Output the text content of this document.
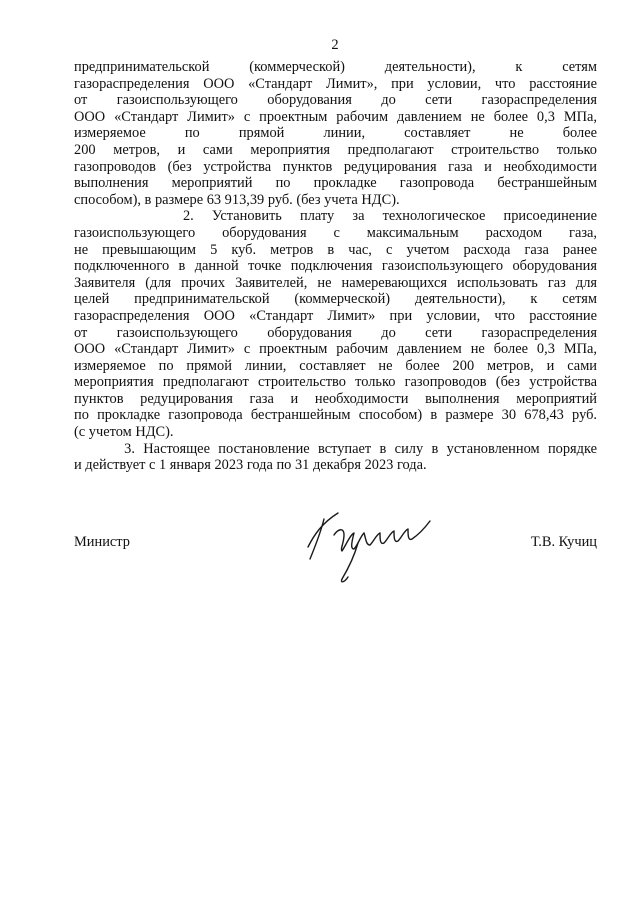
2
предпринимательской (коммерческой) деятельности), к сетям
газораспределения ООО «Стандарт Лимит», при условии, что расстояние
от газоиспользующего оборудования до сети газораспределения
ООО «Стандарт Лимит» с проектным рабочим давлением не более 0,3 МПа,
измеряемое по прямой линии, составляет не более
200 метров, и сами мероприятия предполагают строительство только
газопроводов (без устройства пунктов редуцирования газа и необходимости
выполнения мероприятий по прокладке газопровода бестраншейным
способом), в размере 63 913,39 руб. (без учета НДС).
2. Установить плату за технологическое присоединение
газоиспользующего оборудования с максимальным расходом газа,
не превышающим 5 куб. метров в час, с учетом расхода газа ранее
подключенного в данной точке подключения газоиспользующего оборудования
Заявителя (для прочих Заявителей, не намеревающихся использовать газ для
целей предпринимательской (коммерческой) деятельности), к сетям
газораспределения ООО «Стандарт Лимит» при условии, что расстояние
от газоиспользующего оборудования до сети газораспределения
ООО «Стандарт Лимит» с проектным рабочим давлением не более 0,3 МПа,
измеряемое по прямой линии, составляет не более 200 метров, и сами
мероприятия предполагают строительство только газопроводов (без устройства
пунктов редуцирования газа и необходимости выполнения мероприятий
по прокладке газопровода бестраншейным способом) в размере 30 678,43 руб.
(с учетом НДС).
3. Настоящее постановление вступает в силу в установленном порядке
и действует с 1 января 2023 года по 31 декабря 2023 года.
Министр	Т.В. Кучиц
